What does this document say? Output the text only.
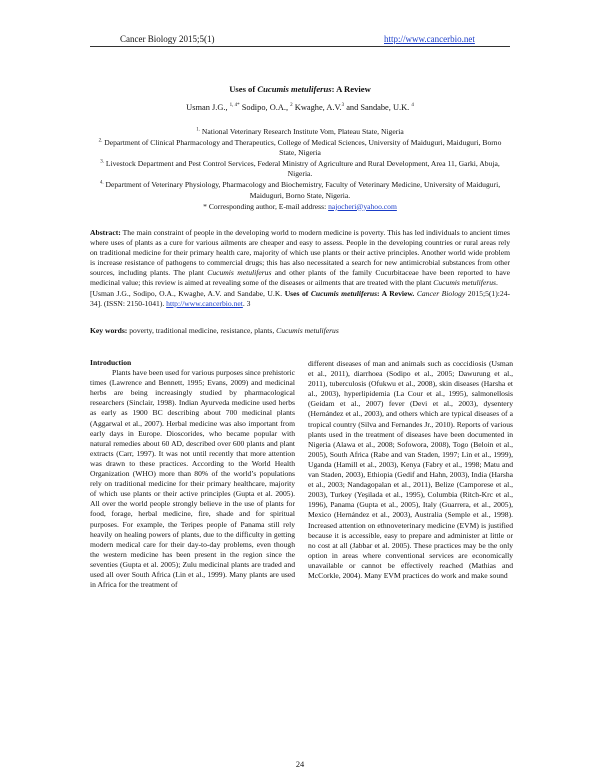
Cancer Biology 2015;5(1)	http://www.cancerbio.net
Uses of Cucumis metuliferus: A Review
Usman J.G., $^{1, 4*}$ Sodipo, O.A., $^2$ Kwaghe, A.V.$^3$ and Sandabe, U.K. $^4$

$^{1.}$ National Veterinary Research Institute Vom, Plateau State, Nigeria

$^{2.}$ Department of Clinical Pharmacology and Therapeutics, College of Medical Sciences, University of Maiduguri, Maiduguri, Borno State, Nigeria

$^{3.}$ Livestock Department and Pest Control Services, Federal Ministry of Agriculture and Rural Development, Area 11, Garki, Abuja, Nigeria.

$^{4.}$ Department of Veterinary Physiology, Pharmacology and Biochemistry, Faculty of Veterinary Medicine, University of Maiduguri, Maiduguri, Borno State, Nigeria.

* Corresponding author, E-mail address: najocheri@yahoo.com

Abstract: The main constraint of people in the developing world to modern medicine is poverty. This has led individuals to ancient times where uses of plants as a cure for various ailments are cheaper and easy to assess. People in the developing countries or rural areas rely on traditional medicine for their primary health care, majority of which use plants or their active principles. Another world wide problem is increase resistance of pathogens to commercial drugs; this has also necessitated a search for new antimicrobial substances from other sources, including plants. The plant Cucumis metuliferus and other plants of the family Cucurbitaceae have been reported to have medicinal value; this review is aimed at revealing some of the diseases or ailments that are treated with the plant Cucumis metuliferus.

[Usman J.G., Sodipo, O.A., Kwaghe, A.V. and Sandabe, U.K. Uses of Cucumis metuliferus: A Review. Cancer Biology 2015;5(1):24-34]. (ISSN: 2150-1041). http://www.cancerbio.net. 3

Key words: poverty, traditional medicine, resistance, plants, Cucumis metuliferus

Introduction

Plants have been used for various purposes since prehistoric times (Lawrence and Bennett, 1995; Evans, 2009) and medicinal herbs are being increasingly studied by pharmacological researchers (Sinclair, 1998). Indian Ayurveda medicine used herbs as early as 1900 BC describing about 700 medicinal plants (Aggarwal et al., 2007). Herbal medicine was also important from early days in Europe. Dioscorides, who became popular with natural remedies about 60 AD, described over 600 plants and plant extracts (Carr, 1997). It was not until recently that more attention was drawn to these practices. According to the World Health Organization (WHO) more than 80% of the world’s populations rely on traditional medicine for their primary healthcare, majority of which use plants or their active principles (Gupta et al. 2005). All over the world people strongly believe in the use of plants for food, forage, herbal medicine, fire, shade and for spiritual purposes. For example, the Teripes people of Panama still rely heavily on healing powers of plants, due to the difficulty in getting modern medical care for their day-to-day problems, even though the western medicine has been present in the region since the seventies (Gupta et al. 2005); Zulu medicinal plants are traded and used all over South Africa (Lin et al., 1999). Many plants are used in Africa for the treatment of

different diseases of man and animals such as coccidiosis (Usman et al., 2011), diarrhoea (Sodipo et al., 2005; Dawurung et al., 2011), tuberculosis (Ofukwu et al., 2008), skin diseases (Harsha et al., 2003), hyperlipidemia (La Cour et al., 1995), salmonellosis (Geidam et al., 2007) fever (Devi et al., 2003), dysentery (Hernández et al., 2003), and others which are typical diseases of a tropical country (Silva and Fernandes Jr., 2010). Reports of various plants used in the treatment of diseases have been documented in Nigeria (Alawa et al., 2008; Sofowora, 2008), Togo (Beloin et al., 2005), South Africa (Rabe and van Staden, 1997; Lin et al., 1999), Uganda (Hamill et al., 2003), Kenya (Fabry et al., 1998; Matu and van Staden, 2003), Ethiopia (Gedif and Hahn, 2003), India (Harsha et al., 2003; Nandagopalan et al., 2011), Belize (Camporese et al., 2003), Turkey (Yeşilada et al., 1995), Columbia (Ritch-Krc et al., 1996), Panama (Gupta et al., 2005), Italy (Guarrera, et al., 2005), Mexico (Hernández et al., 2003), Australia (Semple et al., 1998). Increased attention on ethnoveterinary medicine (EVM) is justified because it is accessible, easy to prepare and administer at little or no cost at all (Jabbar et al. 2005). These practices may be the only option in areas where conventional services are economically unavailable or cannot be effectively reached (Mathias and McCorkle, 2004). Many EVM practices do work and make sound

24
